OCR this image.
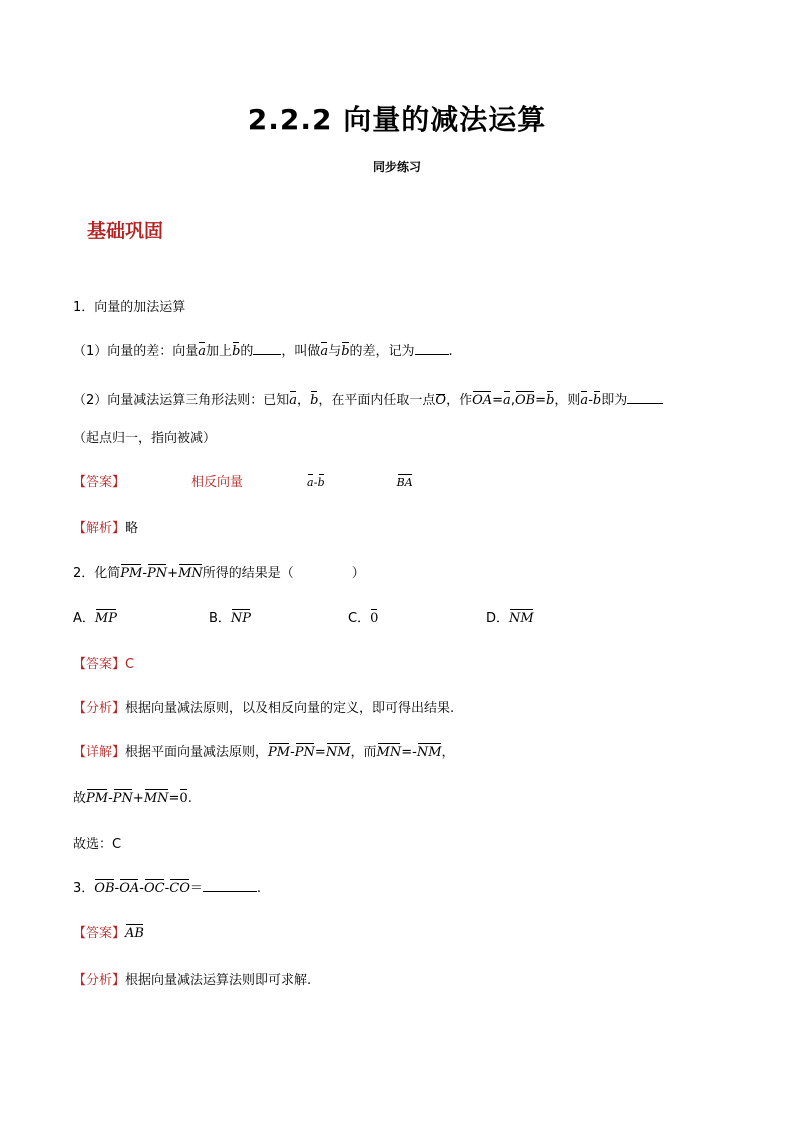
2.2.2 向量的减法运算
同步练习
基础巩固
1．向量的加法运算
（1）向量的差：向量a加上b的 ，叫做a与b的差，记为	.
（2）向量减法运算三角形法则：已知a，b，在平面内任取一点O，作OA=a,OB=b，则a-b即为
（起点归一，指向被减）
【答案】	相反向量	a-b	BA
【解析】略
2．化简PM-PN+MN所得的结果是（	）
A．MP	B．NP	C．0	D．NM
【答案】C
【分析】根据向量减法原则，以及相反向量的定义，即可得出结果.
【详解】根据平面向量减法原则，PM-PN=NM，而MN=-NM，
故PM-PN+MN=0.
故选：C
3．OB-OA-OC-CO＝	.
【答案】AB
【分析】根据向量减法运算法则即可求解.
